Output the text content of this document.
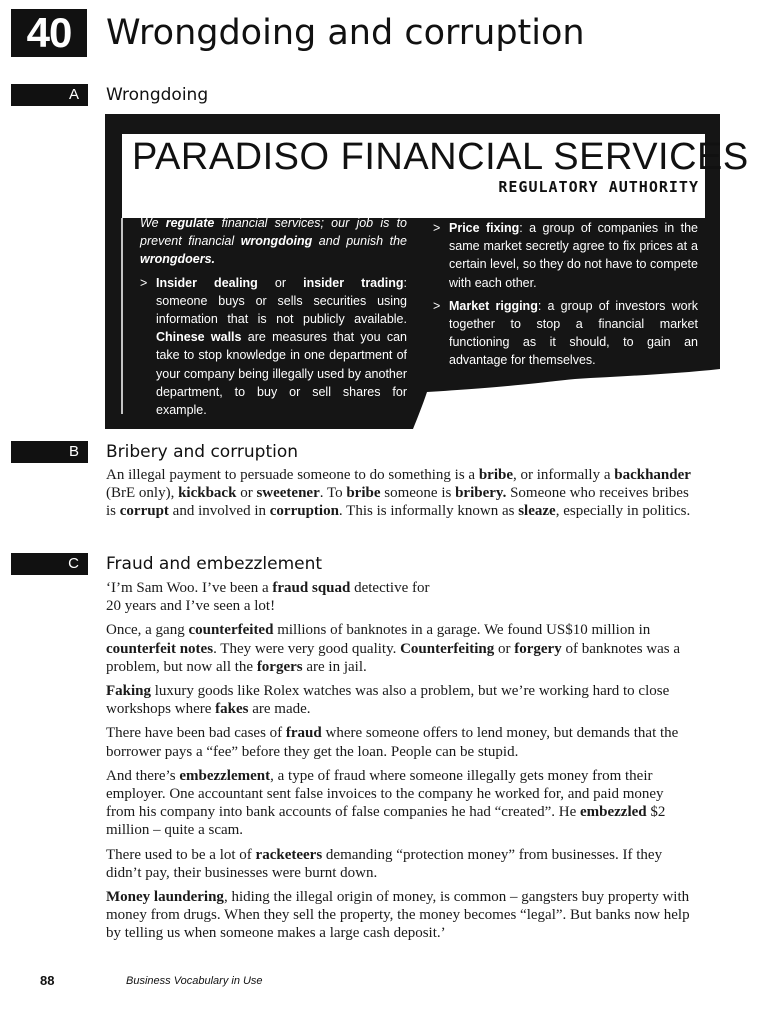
40 Wrongdoing and corruption
A Wrongdoing
PARADISO FINANCIAL SERVICES
REGULATORY AUTHORITY

We regulate financial services; our job is to prevent financial wrongdoing and punish the wrongdoers.

> Insider dealing or insider trading: someone buys or sells securities using information that is not publicly available. Chinese walls are measures that you can take to stop knowledge in one department of your company being illegally used by another department, to buy or sell shares for example.

> Price fixing: a group of companies in the same market secretly agree to fix prices at a certain level, so they do not have to compete with each other.

> Market rigging: a group of investors work together to stop a financial market functioning as it should, to gain an advantage for themselves.

B Bribery and corruption

An illegal payment to persuade someone to do something is a bribe, or informally a backhander (BrE only), kickback or sweetener. To bribe someone is bribery. Someone who receives bribes is corrupt and involved in corruption. This is informally known as sleaze, especially in politics.

C Fraud and embezzlement

‘I’m Sam Woo. I’ve been a fraud squad detective for
20 years and I’ve seen a lot!

Once, a gang counterfeited millions of banknotes in a garage. We found US$10 million in counterfeit notes. They were very good quality. Counterfeiting or forgery of banknotes was a problem, but now all the forgers are in jail.

Faking luxury goods like Rolex watches was also a problem, but we’re working hard to close workshops where fakes are made.

There have been bad cases of fraud where someone offers to lend money, but demands that the borrower pays a “fee” before they get the loan. People can be stupid.

And there’s embezzlement, a type of fraud where someone illegally gets money from their employer. One accountant sent false invoices to the company he worked for, and paid money from his company into bank accounts of false companies he had “created”. He embezzled $2 million – quite a scam.

There used to be a lot of racketeers demanding “protection money” from businesses. If they didn’t pay, their businesses were burnt down.

Money laundering, hiding the illegal origin of money, is common – gangsters buy property with money from drugs. When they sell the property, the money becomes “legal”. But banks now help by telling us when someone makes a large cash deposit.’

88	Business Vocabulary in Use
